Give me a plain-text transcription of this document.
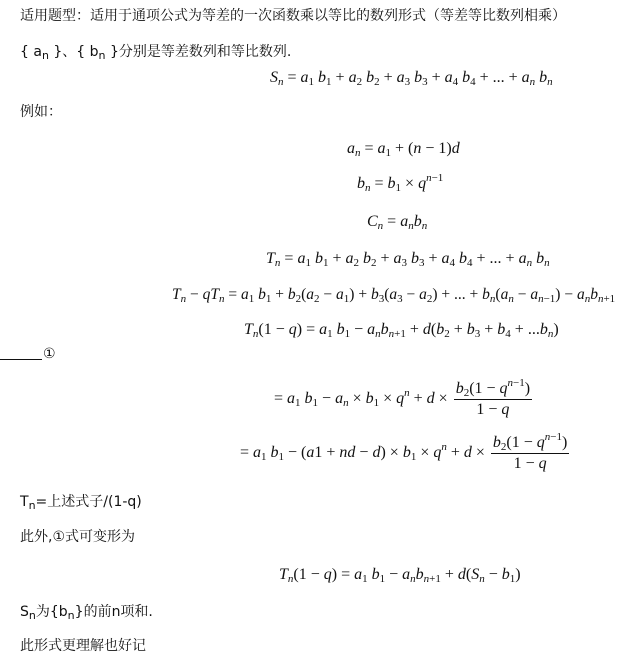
适用题型：适用于通项公式为等差的一次函数乘以等比的数列形式（等差等比数列相乘）
{ $a_n$ }、{ $b_n$ }分别是等差数列和等比数列.
$S_n = a_1$ $b_1 + a_2$ $b_2 + a_3$ $b_3 + a_4$ $b_4$ + ... + $a_n$ $b_n$
例如：
$a_n = a_1 + (n - 1)d$
$b_n = b_1 \times q^{n-1}$
$C_n = a_nb_n$
$T_n = a_1$ $b_1 + a_2$ $b_2 + a_3$ $b_3 + a_4$ $b_4$ + ... + $a_n$ $b_n$
$T_n - qT_n = a_1$ $b_1 + b_2(a_2 - a_1) + b_3(a_3 - a_2)$ + ... + $b_n(a_n - a_{n-1}) - a_nb_{n+1}$
$T_n(1 - q) = a_1$ $b_1 - a_nb_{n+1} + d(b_2 + b_3 + b_4 + ...b_n)$
①
= $a_1$ $b_1 - a_n \times b_1 \times q^n + d \times \frac{b_2(1 - q^{n-1})}{1 - q}$
= $a_1$ $b_1 - (a1$ + nd − $d) \times b_1 \times q^n + d \times \frac{b_2(1 - q^{n-1})}{1 - q}$
$T_n=$上述式子/(1-q)
此外,①式可变形为
$T_n(1 - q) = a_1$ $b_1 - a_nb_{n+1} + d(S_n - b_1)$
$S_n$为$\{b_n\}$的前n项和.
此形式更理解也好记
